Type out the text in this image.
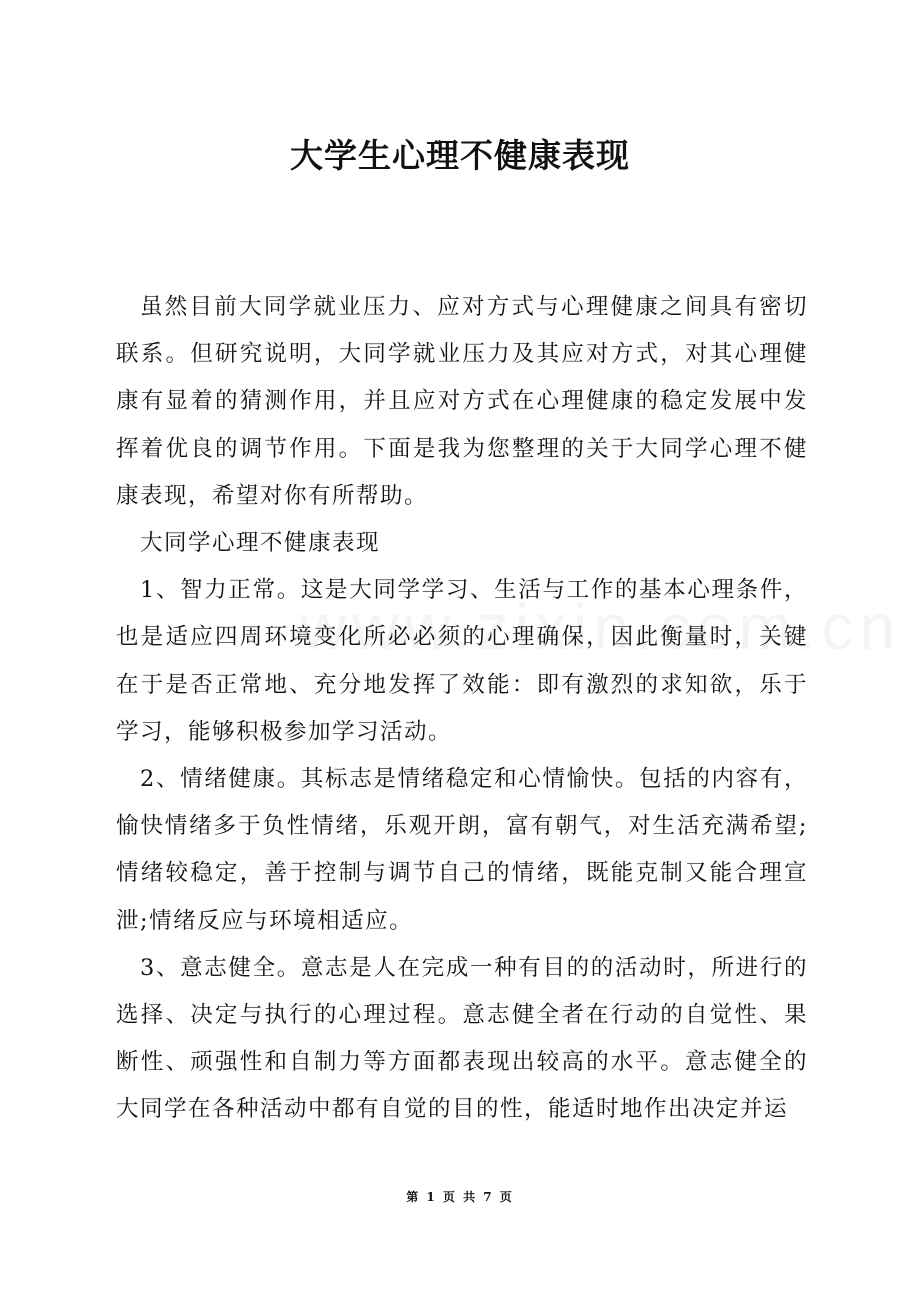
大学生心理不健康表现

虽然目前大同学就业压力、应对方式与心理健康之间具有密切联系。但研究说明，大同学就业压力及其应对方式，对其心理健康有显着的猜测作用，并且应对方式在心理健康的稳定发展中发挥着优良的调节作用。下面是我为您整理的关于大同学心理不健康表现，希望对你有所帮助。

大同学心理不健康表现

1、智力正常。这是大同学学习、生活与工作的基本心理条件，也是适应四周环境变化所必必须的心理确保，因此衡量时，关键在于是否正常地、充分地发挥了效能：即有激烈的求知欲，乐于学习，能够积极参加学习活动。

2、情绪健康。其标志是情绪稳定和心情愉快。包括的内容有，愉快情绪多于负性情绪，乐观开朗，富有朝气，对生活充满希望;情绪较稳定，善于控制与调节自己的情绪，既能克制又能合理宣泄;情绪反应与环境相适应。

3、意志健全。意志是人在完成一种有目的的活动时，所进行的选择、决定与执行的心理过程。意志健全者在行动的自觉性、果断性、顽强性和自制力等方面都表现出较高的水平。意志健全的大同学在各种活动中都有自觉的目的性，能适时地作出决定并运

第 1 页 共 7 页
